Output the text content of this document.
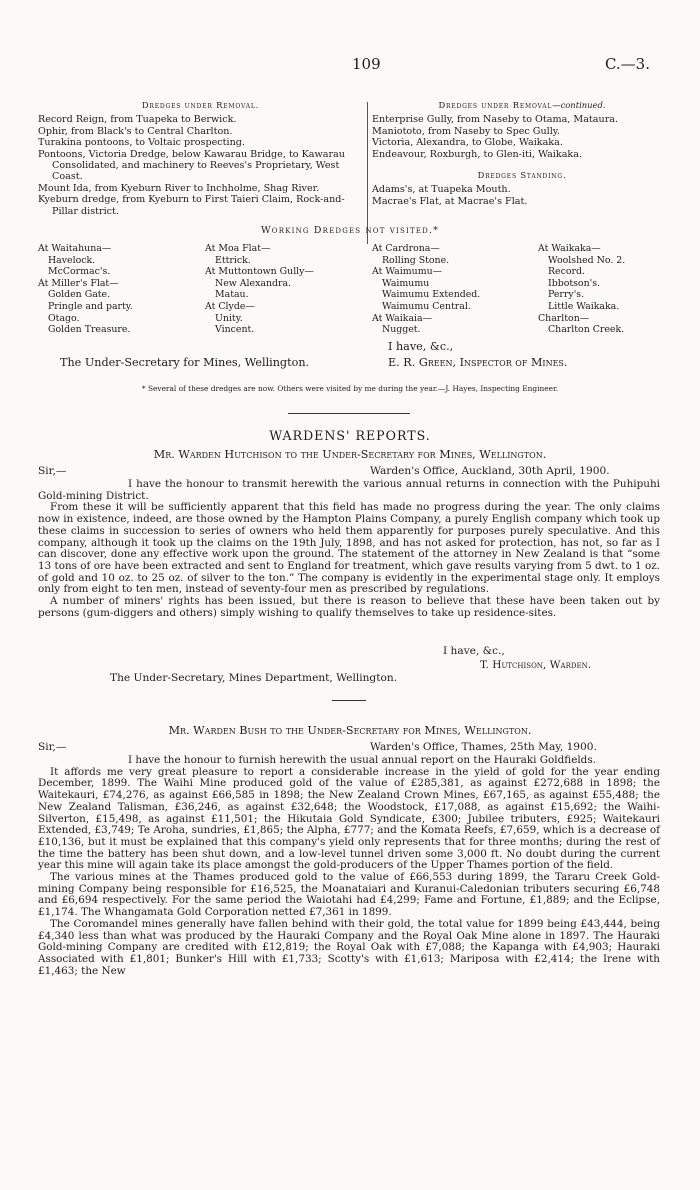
109	C.—3.
Dredges under Removal.
Record Reign, from Tuapeka to Berwick.
Ophir, from Black's to Central Charlton.
Turakina pontoons, to Voltaic prospecting.
Pontoons, Victoria Dredge, below Kawarau Bridge, to Kawarau Consolidated, and machinery to Reeves's Proprietary, West Coast.
Mount Ida, from Kyeburn River to Inchholme, Shag River.
Kyeburn dredge, from Kyeburn to First Taieri Claim, Rock-and-Pillar district.
Dredges under Removal—continued.
Enterprise Gully, from Naseby to Otama, Mataura.
Maniototo, from Naseby to Spec Gully.
Victoria, Alexandra, to Globe, Waikaka.
Endeavour, Roxburgh, to Glen-iti, Waikaka.
Dredges Standing.
Adams's, at Tuapeka Mouth.
Macrae's Flat, at Macrae's Flat.
Working Dredges not visited.*
At Waitahuna—
Havelock.
McCormac's.
At Miller's Flat—
Golden Gate.
Pringle and party.
Otago.
Golden Treasure.
At Moa Flat—
Ettrick.
At Muttontown Gully—
New Alexandra.
Matau.
At Clyde—
Unity.
Vincent.
At Cardrona—
Rolling Stone.
At Waimumu—
Waimumu
Waimumu Extended.
Waimumu Central.
At Waikaia—
Nugget.
At Waikaka—
Woolshed No. 2.
Record.
Ibbotson's.
Perry's.
Little Waikaka.
Charlton—
Charlton Creek.
I have, &c.,
The Under-Secretary for Mines, Wellington.	E. R. Green, Inspector of Mines.
* Several of these dredges are now. Others were visited by me during the year.—J. Hayes, Inspecting Engineer.
WARDENS' REPORTS.
Mr. Warden Hutchison to the Under-Secretary for Mines, Wellington.
Sir,—	Warden's Office, Auckland, 30th April, 1900.

I have the honour to transmit herewith the various annual returns in connection with the Puhipuhi Gold-mining District.

From these it will be sufficiently apparent that this field has made no progress during the year. The only claims now in existence, indeed, are those owned by the Hampton Plains Company, a purely English company which took up these claims in succession to series of owners who held them apparently for purposes purely speculative. And this company, although it took up the claims on the 19th July, 1898, and has not asked for protection, has not, so far as I can discover, done any effective work upon the ground. The statement of the attorney in New Zealand is that “some 13 tons of ore have been extracted and sent to England for treatment, which gave results varying from 5 dwt. to 1 oz. of gold and 10 oz. to 25 oz. of silver to the ton.” The company is evidently in the experimental stage only. It employs only from eight to ten men, instead of seventy-four men as prescribed by regulations.

A number of miners' rights has been issued, but there is reason to believe that these have been taken out by persons (gum-diggers and others) simply wishing to qualify themselves to take up residence-sites.

I have, &c.,
T. Hutchison, Warden.
The Under-Secretary, Mines Department, Wellington.
Mr. Warden Bush to the Under-Secretary for Mines, Wellington.
Sir,—	Warden's Office, Thames, 25th May, 1900.

I have the honour to furnish herewith the usual annual report on the Hauraki Goldfields.

It affords me very great pleasure to report a considerable increase in the yield of gold for the year ending December, 1899. The Waihi Mine produced gold of the value of £285,381, as against £272,688 in 1898; the Waitekauri, £74,276, as against £66,585 in 1898; the New Zealand Crown Mines, £67,165, as against £55,488; the New Zealand Talisman, £36,246, as against £32,648; the Woodstock, £17,088, as against £15,692; the Waihi-Silverton, £15,498, as against £11,501; the Hikutaia Gold Syndicate, £300; Jubilee tributers, £925; Waitekauri Extended, £3,749; Te Aroha, sundries, £1,865; the Alpha, £777; and the Komata Reefs, £7,659, which is a decrease of £10,136, but it must be explained that this company's yield only represents that for three months; during the rest of the time the battery has been shut down, and a low-level tunnel driven some 3,000 ft. No doubt during the current year this mine will again take its place amongst the gold-producers of the Upper Thames portion of the field.

The various mines at the Thames produced gold to the value of £66,553 during 1899, the Tararu Creek Gold-mining Company being responsible for £16,525, the Moanataiari and Kuranui-Caledonian tributers securing £6,748 and £6,694 respectively. For the same period the Waiotahi had £4,299; Fame and Fortune, £1,889; and the Eclipse, £1,174. The Whangamata Gold Corporation netted £7,361 in 1899.

The Coromandel mines generally have fallen behind with their gold, the total value for 1899 being £43,444, being £4,340 less than what was produced by the Hauraki Company and the Royal Oak Mine alone in 1897. The Hauraki Gold-mining Company are credited with £12,819; the Royal Oak with £7,088; the Kapanga with £4,903; Hauraki Associated with £1,801; Bunker's Hill with £1,733; Scotty's with £1,613; Mariposa with £2,414; the Irene with £1,463; the New
